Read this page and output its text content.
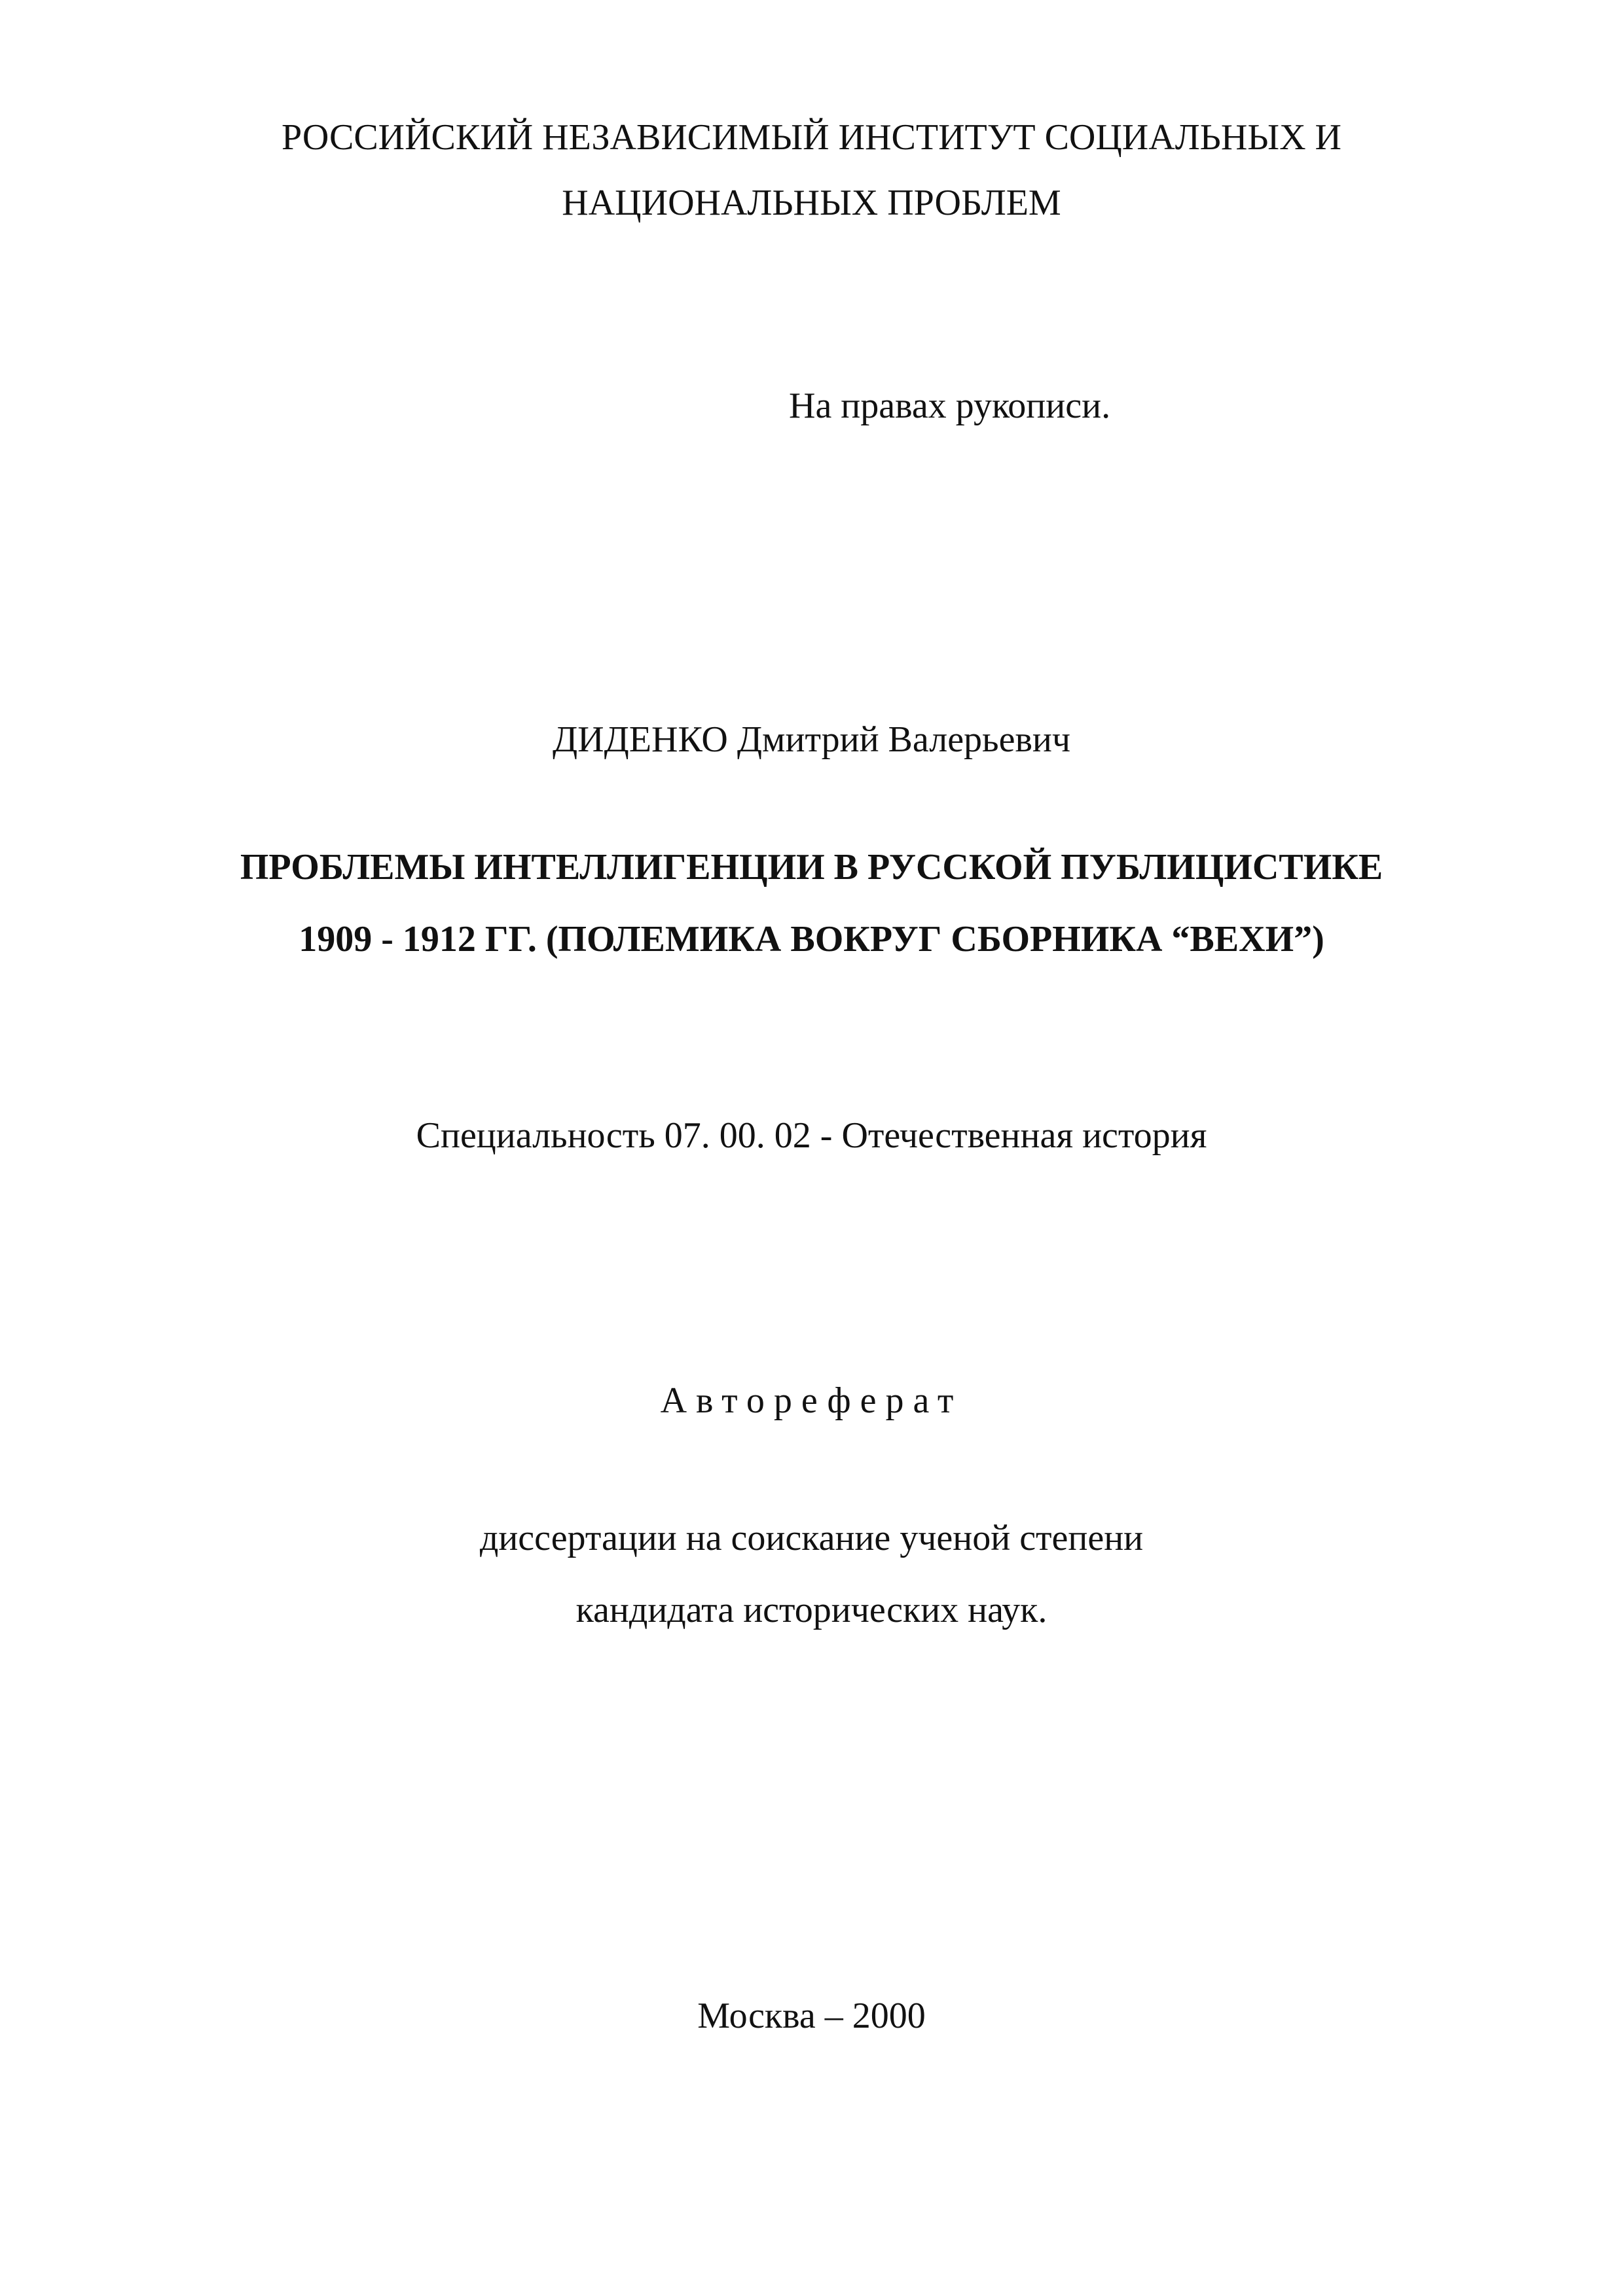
РОССИЙСКИЙ НЕЗАВИСИМЫЙ ИНСТИТУТ СОЦИАЛЬНЫХ И
НАЦИОНАЛЬНЫХ ПРОБЛЕМ
На правах рукописи.
ДИДЕНКО Дмитрий Валерьевич
ПРОБЛЕМЫ ИНТЕЛЛИГЕНЦИИ В РУССКОЙ ПУБЛИЦИСТИКЕ
1909 - 1912 ГГ. (ПОЛЕМИКА ВОКРУГ СБОРНИКА “ВЕХИ”)
Специальность 07. 00. 02 - Отечественная история
Автореферат
диссертации на соискание ученой степени
кандидата исторических наук.
Москва – 2000
